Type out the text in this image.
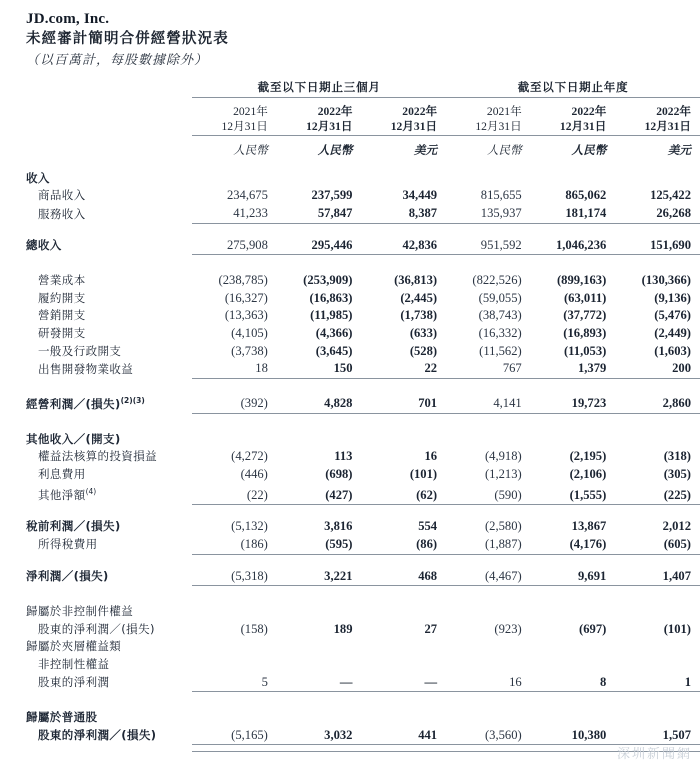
JD.com, Inc.
未經審計簡明合併經營狀況表
（以百萬計，每股數據除外）
	截至以下日期止三個月			截至以下日期止年度		

	2021年	2022年	2022年	2021年	2022年	2022年
	12月31日	12月31日	12月31日	12月31日	12月31日	12月31日

	人民幣	人民幣	美元	人民幣	人民幣	美元

收入						
商品收入	234,675	237,599	34,449	815,655	865,062	125,422
服務收入	41,233	57,847	8,387	135,937	181,174	26,268

總收入	275,908	295,446	42,836	951,592	1,046,236	151,690

營業成本	(238,785)	(253,909)	(36,813)	(822,526)	(899,163)	(130,366)
履約開支	(16,327)	(16,863)	(2,445)	(59,055)	(63,011)	(9,136)
營銷開支	(13,363)	(11,985)	(1,738)	(38,743)	(37,772)	(5,476)
研發開支	(4,105)	(4,366)	(633)	(16,332)	(16,893)	(2,449)
一般及行政開支	(3,738)	(3,645)	(528)	(11,562)	(11,053)	(1,603)
出售開發物業收益	18	150	22	767	1,379	200

經營利潤／(損失)$^{(2)(3)}$	(392)	4,828	701	4,141	19,723	2,860

其他收入／(開支)						
權益法核算的投資損益	(4,272)	113	16	(4,918)	(2,195)	(318)
利息費用	(446)	(698)	(101)	(1,213)	(2,106)	(305)
其他淨額$^{(4)}$	(22)	(427)	(62)	(590)	(1,555)	(225)

稅前利潤／(損失)	(5,132)	3,816	554	(2,580)	13,867	2,012
所得稅費用	(186)	(595)	(86)	(1,887)	(4,176)	(605)

淨利潤／(損失)	(5,318)	3,221	468	(4,467)	9,691	1,407

歸屬於非控制件權益						
股東的淨利潤／(損失)	(158)	189	27	(923)	(697)	(101)
歸屬於夾層權益類						
非控制性權益						
股東的淨利潤	5	—	—	16	8	1

歸屬於普通股						
股東的淨利潤／(損失)	(5,165)	3,032	441	(3,560)	10,380	1,507

深圳新聞網
